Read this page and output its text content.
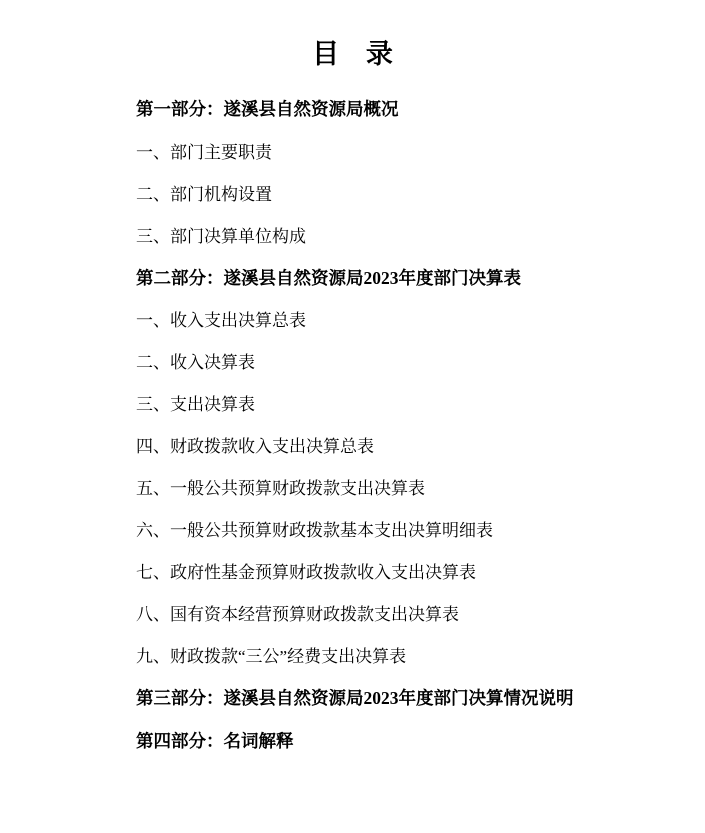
目 录
第一部分：遂溪县自然资源局概况
一、部门主要职责
二、部门机构设置
三、部门决算单位构成
第二部分：遂溪县自然资源局2023年度部门决算表
一、收入支出决算总表
二、收入决算表
三、支出决算表
四、财政拨款收入支出决算总表
五、一般公共预算财政拨款支出决算表
六、一般公共预算财政拨款基本支出决算明细表
七、政府性基金预算财政拨款收入支出决算表
八、国有资本经营预算财政拨款支出决算表
九、财政拨款“三公”经费支出决算表
第三部分：遂溪县自然资源局2023年度部门决算情况说明
第四部分：名词解释
